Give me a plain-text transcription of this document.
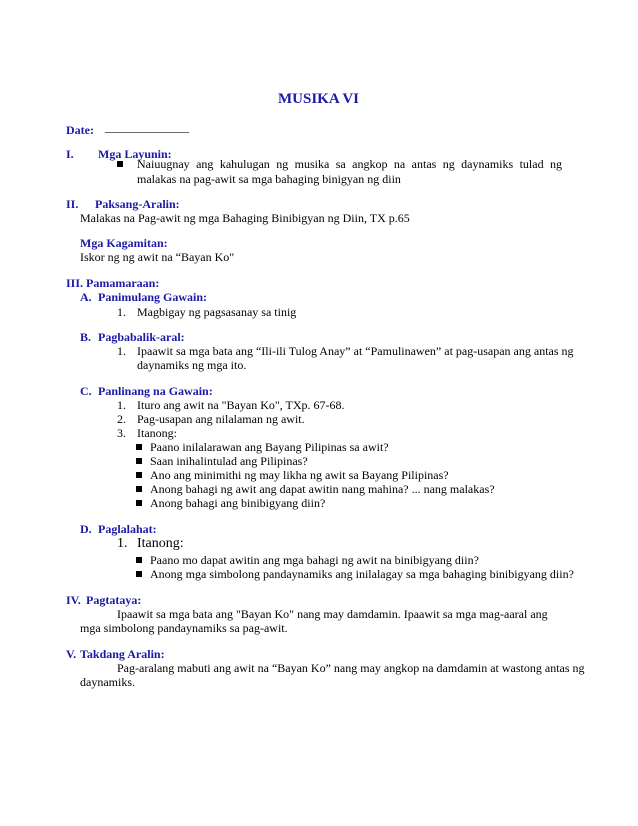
MUSIKA VI
Date: ______________
I. Mga Layunin:
Naiuugnay ang kahulugan ng musika sa angkop na antas ng daynamiks tulad ng
malakas na pag-awit sa mga bahaging binigyan ng diin
II. Paksang-Aralin:
Malakas na Pag-awit ng mga Bahaging Binibigyan ng Diin, TX p.65
Mga Kagamitan:
Iskor ng ng awit na “Bayan Ko"
III. Pamamaraan:
A. Panimulang Gawain:
1. Magbigay ng pagsasanay sa tinig
B. Pagbabalik-aral:
1. Ipaawit sa mga bata ang “Ili-ili Tulog Anay” at “Pamulinawen” at pag-usapan ang antas ng
daynamiks ng mga ito.
C. Panlinang na Gawain:
1. Ituro ang awit na "Bayan Ko", TXp. 67-68.
2. Pag-usapan ang nilalaman ng awit.
3. Itanong:
Paano inilalarawan ang Bayang Pilipinas sa awit?
Saan inihalintulad ang Pilipinas?
Ano ang minimithi ng may likha ng awit sa Bayang Pilipinas?
Anong bahagi ng awit ang dapat awitin nang mahina? ... nang malakas?
Anong bahagi ang binibigyang diin?
D. Paglalahat:
1. Itanong:
Paano mo dapat awitin ang mga bahagi ng awit na binibigyang diin?
Anong mga simbolong pandaynamiks ang inilalagay sa mga bahaging binibigyang diin?
IV. Pagtataya:
Ipaawit sa mga bata ang "Bayan Ko" nang may damdamin. Ipaawit sa mga mag-aaral ang
mga simbolong pandaynamiks sa pag-awit.
V. Takdang Aralin:
Pag-aralang mabuti ang awit na “Bayan Ko” nang may angkop na damdamin at wastong antas ng
daynamiks.
